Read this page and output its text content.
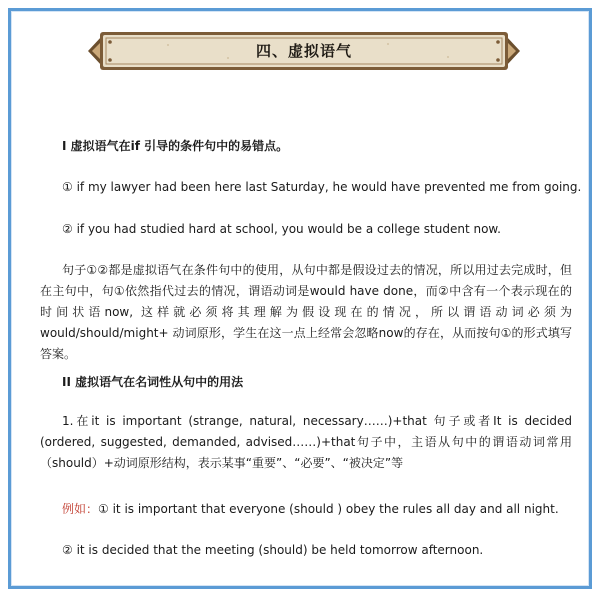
四、虚拟语气
I 虚拟语气在if 引导的条件句中的易错点。
① if my lawyer had been here last Saturday, he would have prevented me from going.
② if you had studied hard at school, you would be a college student now.
句子①②都是虚拟语气在条件句中的使用，从句中都是假设过去的情况，所以用过去完成时，但在主句中，句①依然指代过去的情况，谓语动词是would have done，而②中含有一个表示现在的时间状语now, 这样就必须将其理解为假设现在的情况，所以谓语动词必须为would/should/might+ 动词原形，学生在这一点上经常会忽略now的存在，从而按句①的形式填写答案。
II 虚拟语气在名词性从句中的用法
1.在it is important (strange, natural, necessary……)+that 句子或者It is decided (ordered, suggested, demanded, advised……)+that句子中，主语从句中的谓语动词常用（should）+动词原形结构，表示某事“重要”、“必要”、“被决定”等
例如：① it is important that everyone (should ) obey the rules all day and all night.
② it is decided that the meeting (should) be held tomorrow afternoon.
